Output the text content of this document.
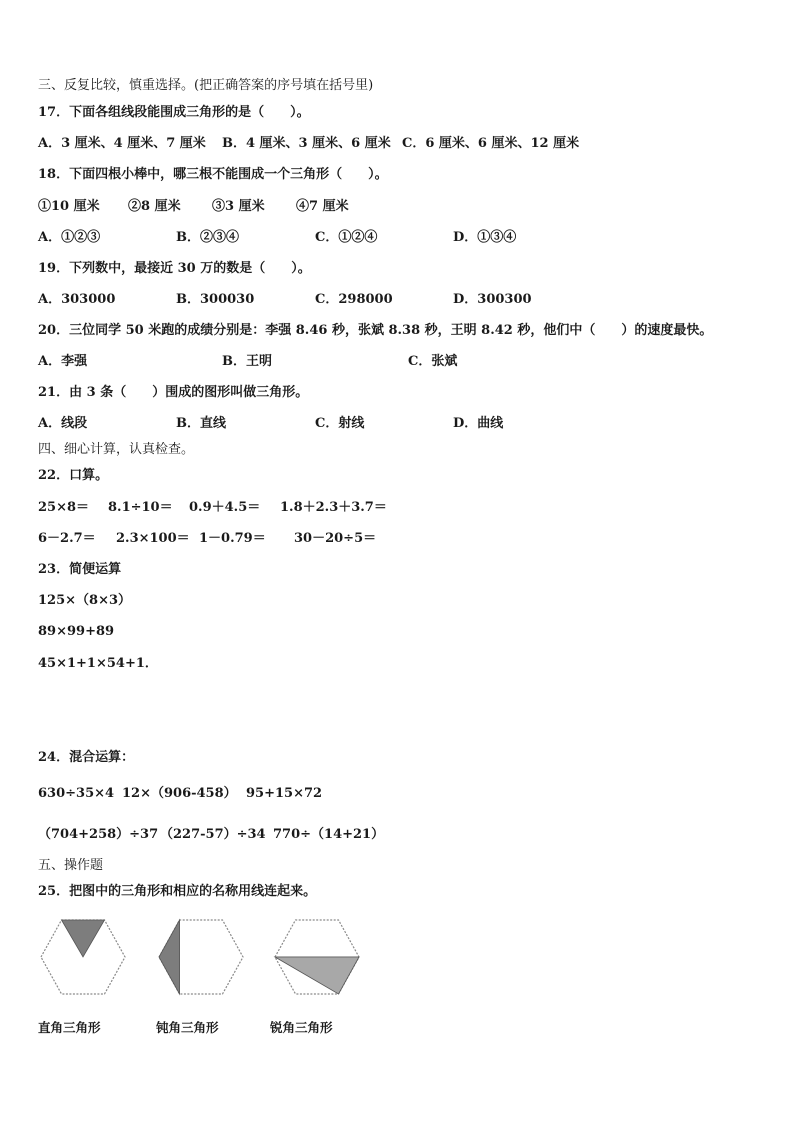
三、反复比较，慎重选择。(把正确答案的序号填在括号里)
17．下面各组线段能围成三角形的是（　　）。
A．3 厘米、4 厘米、7 厘米 B．4 厘米、3 厘米、6 厘米 C．6 厘米、6 厘米、12 厘米
18．下面四根小棒中，哪三根不能围成一个三角形（　　）。
①10 厘米 ②8 厘米 ③3 厘米 ④7 厘米
A．①②③	B．②③④	C．①②④	D．①③④
19．下列数中，最接近 30 万的数是（　　）。
A．303000	B．300030	C．298000	D．300300
20．三位同学 50 米跑的成绩分别是：李强 8.46 秒，张斌 8.38 秒，王明 8.42 秒，他们中（　　）的速度最快。
A．李强	B．王明	C．张斌
21．由 3 条（　　）围成的图形叫做三角形。
A．线段	B．直线	C．射线	D．曲线
四、细心计算，认真检查。
22．口算。
25×8＝ 8.1÷10＝ 0.9＋4.5＝ 1.8＋2.3＋3.7＝
6－2.7＝ 2.3×100＝ 1－0.79＝ 30－20÷5＝
23．简便运算
125×（8×3）
89×99+89
45×1+1×54+1．
24．混合运算：
630÷35×4 12×（906-458） 95+15×72
（704+258）÷37 （227-57）÷34 770÷（14+21）
五、操作题
25．把图中的三角形和相应的名称用线连起来。
直角三角形	钝角三角形	锐角三角形
